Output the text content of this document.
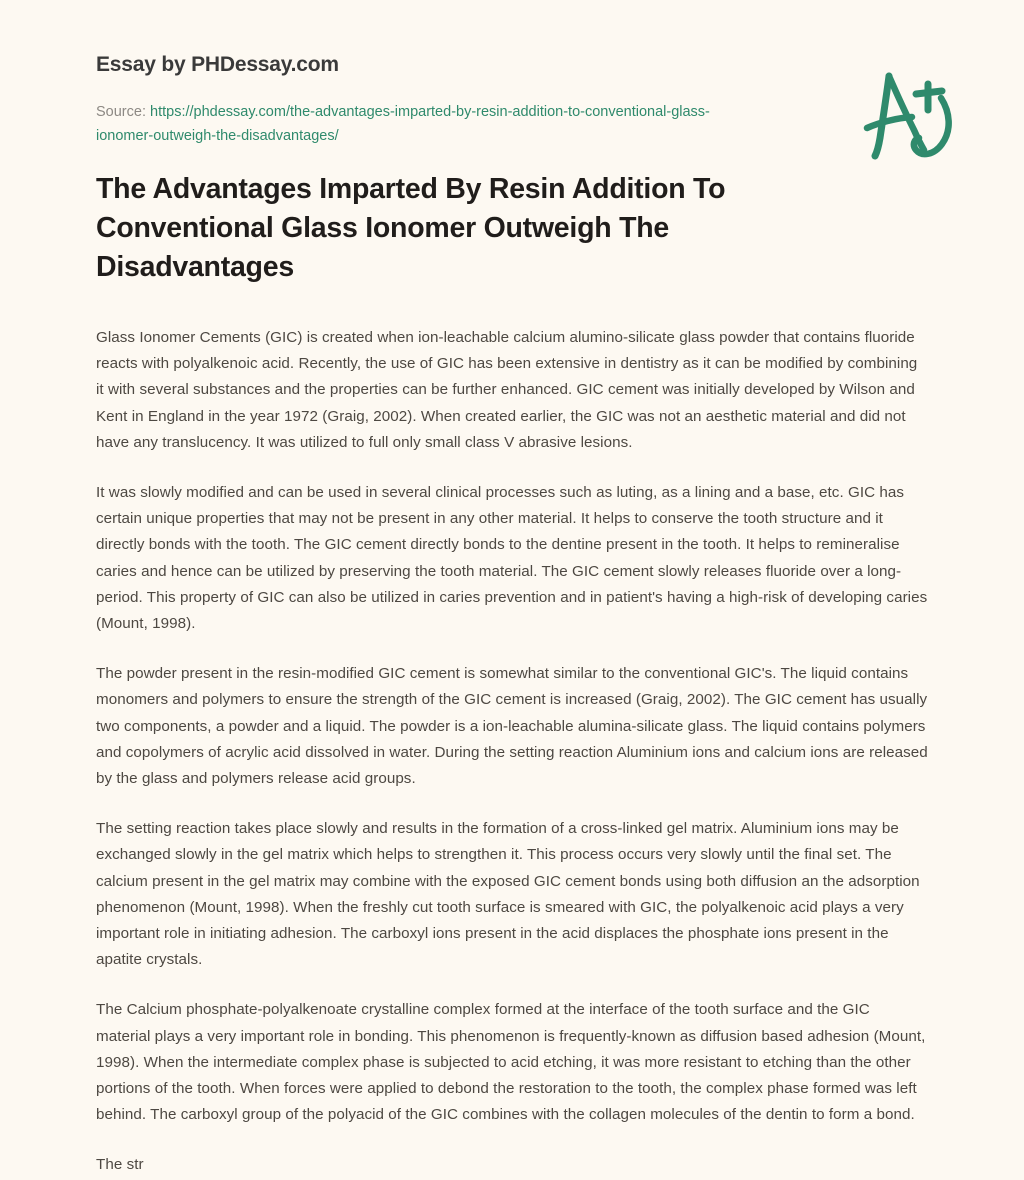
Essay by PHDessay.com
Source: https://phdessay.com/the-advantages-imparted-by-resin-addition-to-conventional-glass-ionomer-outweigh-the-disadvantages/
The Advantages Imparted By Resin Addition To Conventional Glass Ionomer Outweigh The Disadvantages

Glass Ionomer Cements (GIC) is created when ion-leachable calcium alumino-silicate glass powder that contains fluoride reacts with polyalkenoic acid. Recently, the use of GIC has been extensive in dentistry as it can be modified by combining it with several substances and the properties can be further enhanced. GIC cement was initially developed by Wilson and Kent in England in the year 1972 (Graig, 2002). When created earlier, the GIC was not an aesthetic material and did not have any translucency. It was utilized to full only small class V abrasive lesions.

It was slowly modified and can be used in several clinical processes such as luting, as a lining and a base, etc. GIC has certain unique properties that may not be present in any other material. It helps to conserve the tooth structure and it directly bonds with the tooth. The GIC cement directly bonds to the dentine present in the tooth. It helps to remineralise caries and hence can be utilized by preserving the tooth material. The GIC cement slowly releases fluoride over a long-period. This property of GIC can also be utilized in caries prevention and in patient's having a high-risk of developing caries (Mount, 1998).

The powder present in the resin-modified GIC cement is somewhat similar to the conventional GIC's. The liquid contains monomers and polymers to ensure the strength of the GIC cement is increased (Graig, 2002). The GIC cement has usually two components, a powder and a liquid. The powder is a ion-leachable alumina-silicate glass. The liquid contains polymers and copolymers of acrylic acid dissolved in water. During the setting reaction Aluminium ions and calcium ions are released by the glass and polymers release acid groups.

The setting reaction takes place slowly and results in the formation of a cross-linked gel matrix. Aluminium ions may be exchanged slowly in the gel matrix which helps to strengthen it. This process occurs very slowly until the final set. The calcium present in the gel matrix may combine with the exposed GIC cement bonds using both diffusion an the adsorption phenomenon (Mount, 1998). When the freshly cut tooth surface is smeared with GIC, the polyalkenoic acid plays a very important role in initiating adhesion. The carboxyl ions present in the acid displaces the phosphate ions present in the apatite crystals.

The Calcium phosphate-polyalkenoate crystalline complex formed at the interface of the tooth surface and the GIC material plays a very important role in bonding. This phenomenon is frequently-known as diffusion based adhesion (Mount, 1998). When the intermediate complex phase is subjected to acid etching, it was more resistant to etching than the other portions of the tooth. When forces were applied to debond the restoration to the tooth, the complex phase formed was left behind. The carboxyl group of the polyacid of the GIC combines with the collagen molecules of the dentin to form a bond.

The str
